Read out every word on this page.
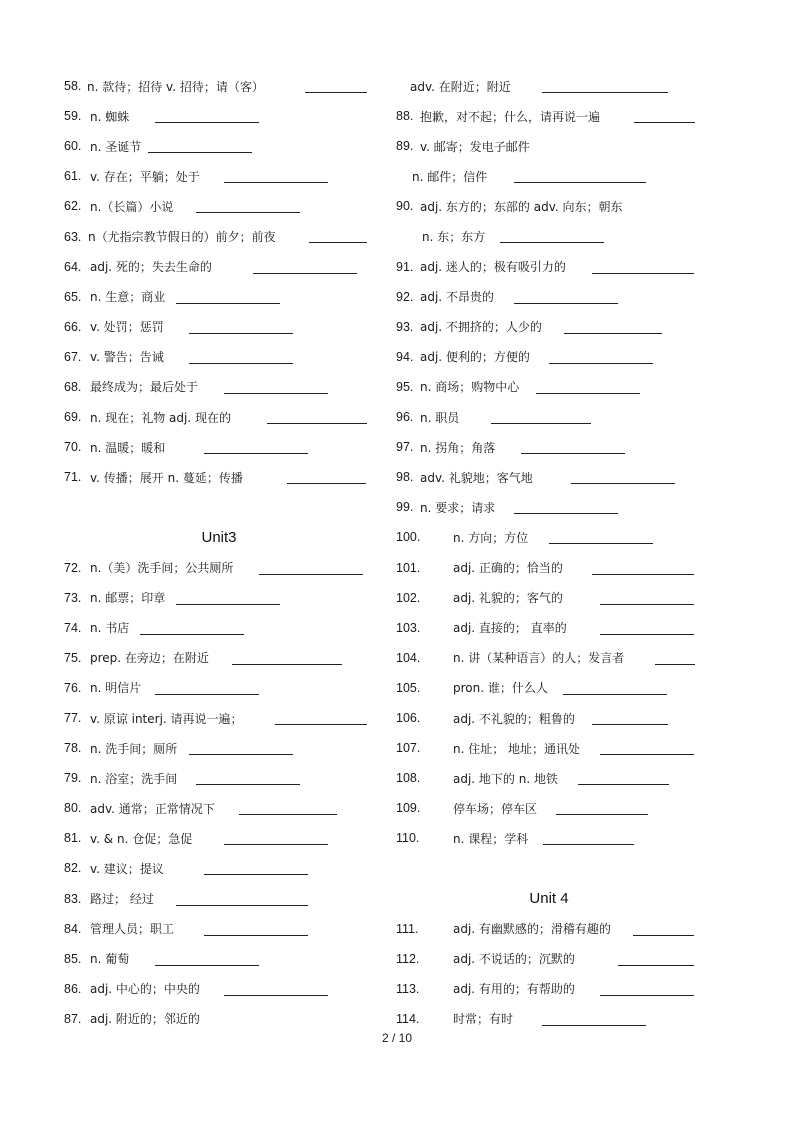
58. n. 款待；招待 v. 招待；请（客）
59. n. 蜘蛛
60. n. 圣诞节
61. v. 存在；平躺；处于
62. n.（长篇）小说
63. n（尤指宗教节假日的）前夕；前夜
64. adj. 死的；失去生命的
65. n. 生意；商业
66. v. 处罚；惩罚
67. v. 警告；告诫
68. 最终成为；最后处于
69. n. 现在；礼物 adj. 现在的
70. n. 温暖；暖和
71. v. 传播；展开 n. 蔓延；传播
Unit3
72. n.（美）洗手间；公共厕所
73. n. 邮票；印章
74. n. 书店
75. prep. 在旁边；在附近
76. n. 明信片
77. v. 原谅 interj. 请再说一遍；
78. n. 洗手间；厕所
79. n. 浴室；洗手间
80. adv. 通常；正常情况下
81. v. & n. 仓促；急促
82. v. 建议；提议
83. 路过； 经过
84. 管理人员；职工
85. n. 葡萄
86. adj. 中心的；中央的
87. adj. 附近的；邻近的
adv. 在附近；附近
88. 抱歉，对不起；什么，请再说一遍
89. v. 邮寄；发电子邮件
n. 邮件；信件
90. adj. 东方的；东部的 adv. 向东；朝东
n. 东；东方
91. adj. 迷人的；极有吸引力的
92. adj. 不昂贵的
93. adj. 不拥挤的；人少的
94. adj. 便利的；方便的
95. n. 商场；购物中心
96. n. 职员
97. n. 拐角；角落
98. adv. 礼貌地；客气地
99. n. 要求；请求
100.	n. 方向；方位
101.	adj. 正确的；恰当的
102.	adj. 礼貌的；客气的
103.	adj. 直接的； 直率的
104.	n. 讲（某种语言）的人；发言者
105.	pron. 谁；什么人
106.	adj. 不礼貌的；粗鲁的
107.	n. 住址； 地址；通讯处
108.	adj. 地下的 n. 地铁
109.	停车场；停车区
110.	n. 课程；学科
Unit 4
111.	adj. 有幽默感的；滑稽有趣的
112.	adj. 不说话的；沉默的
113.	adj. 有用的；有帮助的
114.	时常；有时
2 / 10
